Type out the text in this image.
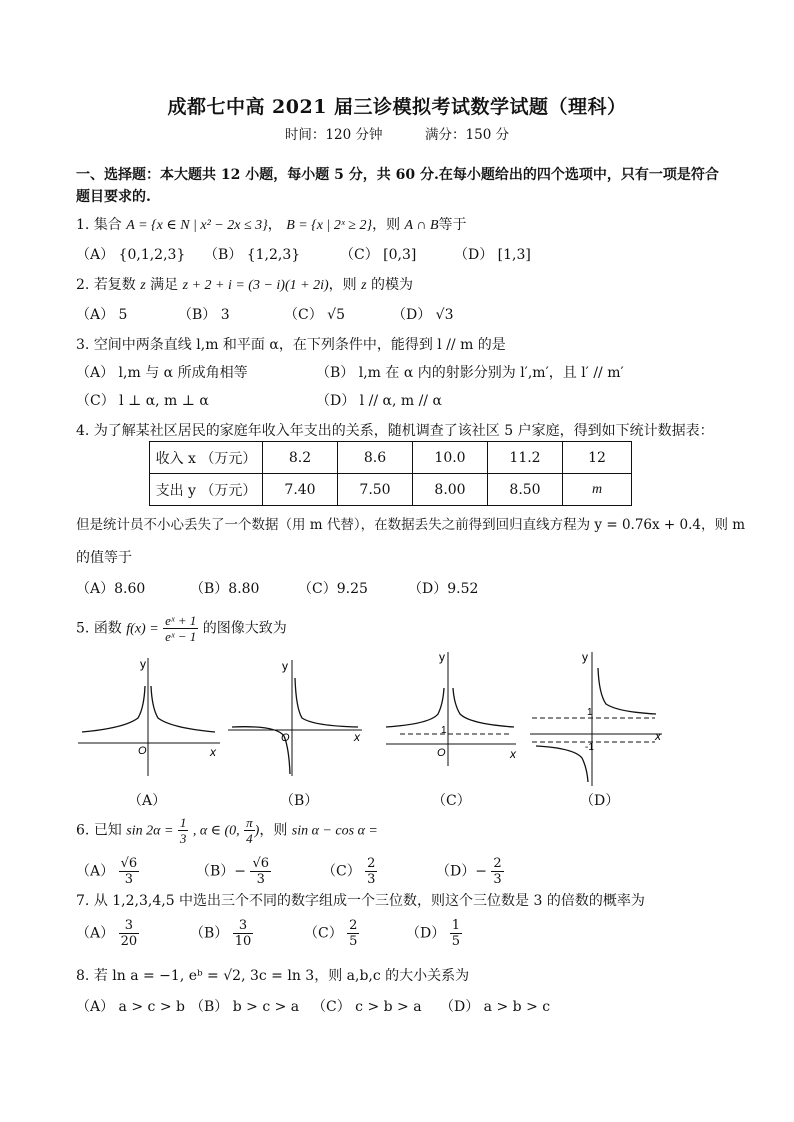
成都七中高 2021 届三诊模拟考试数学试题（理科）
时间：120 分钟	满分：150 分
一、选择题：本大题共 12 小题，每小题 5 分，共 60 分.在每小题给出的四个选项中，只有一项是符合题目要求的.
1. 集合 A = {x ∈ N | x² − 2x ≤ 3}， B = {x | 2ˣ ≥ 2}，则 A ∩ B等于
（A） {0,1,2,3} （B） {1,2,3}	（C） [0,3]	（D） [1,3]
2. 若复数 z 满足 z + 2 + i = (3 − i)(1 + 2i)，则 z 的模为
（A） 5	（B） 3	（C） √5	（D） √3
3. 空间中两条直线 l,m 和平面 α，在下列条件中，能得到 l // m 的是
（A） l,m 与 α 所成角相等	（B） l,m 在 α 内的射影分别为 l′,m′，且 l′ // m′
（C） l ⊥ α, m ⊥ α	（D） l // α, m // α
4. 为了解某社区居民的家庭年收入年支出的关系，随机调查了该社区 5 户家庭，得到如下统计数据表：
收入 x （万元）	8.2	8.6	10.0	11.2	12
支出 y （万元）	7.40	7.50	8.00	8.50	m
但是统计员不小心丢失了一个数据（用 m 代替），在数据丢失之前得到回归直线方程为 y = 0.76x + 0.4，则 m
的值等于
（A）8.60	（B）8.80	（C）9.25	（D）9.52
5. 函数 $f(x) = \frac{\text{eˣ + 1}}{\text{eˣ − 1}}$ 的图像大致为
y
x
O
y
x
O
y
x
O
1
y
x
1
-1
（A）	（B）	（C）	（D）
6. 已知 $\sin 2\alpha = \frac{1}{3}$ , α ∈ (0, $\frac{\pi}{4}$ )，则 sin α − cos α =
$(A) \frac{√6}{3}$	$(B)- \frac{√6}{3}$	$(C) \frac{2}{3}$	$(D)- \frac{2}{3}$
7. 从 1,2,3,4,5 中选出三个不同的数字组成一个三位数，则这个三位数是 3 的倍数的概率为
$(A) \frac{3}{20}$	$(B) \frac{3}{10}$	$(C) \frac{2}{5}$	$(D) \frac{1}{5}$
8. 若 ln a = −1, eᵇ = √2, 3c = ln 3，则 a,b,c 的大小关系为
（A） a > c > b （B） b > c > a （C） c > b > a （D） a > b > c
